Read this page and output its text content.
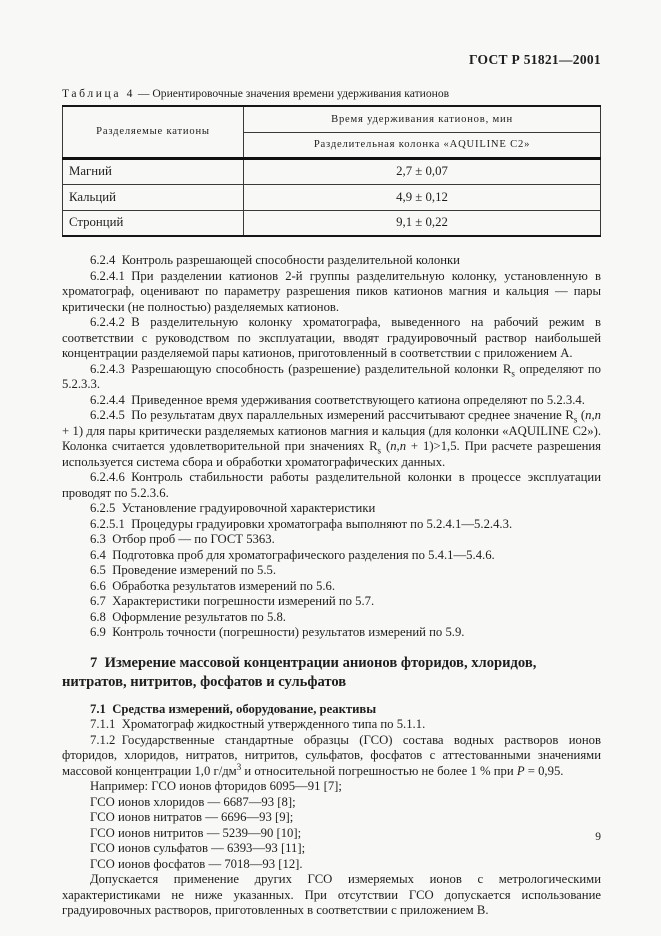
ГОСТ Р 51821—2001
Таблица 4 — Ориентировочные значения времени удерживания катионов
Разделяемые катионы	Время удерживания катионов, мин
	Разделительная колонка «AQUILINE C2»
Магний	2,7 ± 0,07
Кальций	4,9 ± 0,12
Стронций	9,1 ± 0,22

6.2.4 Контроль разрешающей способности разделительной колонки

6.2.4.1 При разделении катионов 2-й группы разделительную колонку, установленную в хроматограф, оценивают по параметру разрешения пиков катионов магния и кальция — пары критически (не полностью) разделяемых катионов.

6.2.4.2 В разделительную колонку хроматографа, выведенного на рабочий режим в соответствии с руководством по эксплуатации, вводят градуировочный раствор наибольшей концентрации разделяемой пары катионов, приготовленный в соответствии с приложением А.

6.2.4.3 Разрешающую способность (разрешение) разделительной колонки $R_s$ определяют по 5.2.3.3.

6.2.4.4 Приведенное время удерживания соответствующего катиона определяют по 5.2.3.4.

6.2.4.5 По результатам двух параллельных измерений рассчитывают среднее значение $R_s$ (n,n + 1) для пары критически разделяемых катионов магния и кальция (для колонки «AQUILINE C2»). Колонка считается удовлетворительной при значениях $R_s$ (n,n + 1)>1,5. При расчете разрешения используется система сбора и обработки хроматографических данных.

6.2.4.6 Контроль стабильности работы разделительной колонки в процессе эксплуатации проводят по 5.2.3.6.

6.2.5 Установление градуировочной характеристики

6.2.5.1 Процедуры градуировки хроматографа выполняют по 5.2.4.1—5.2.4.3.

6.3 Отбор проб — по ГОСТ 5363.

6.4 Подготовка проб для хроматографического разделения по 5.4.1—5.4.6.

6.5 Проведение измерений по 5.5.

6.6 Обработка результатов измерений по 5.6.

6.7 Характеристики погрешности измерений по 5.7.

6.8 Оформление результатов по 5.8.

6.9 Контроль точности (погрешности) результатов измерений по 5.9.

7 Измерение массовой концентрации анионов фторидов, хлоридов, нитратов, нитритов, фосфатов и сульфатов

7.1 Средства измерений, оборудование, реактивы

7.1.1 Хроматограф жидкостный утвержденного типа по 5.1.1.

7.1.2 Государственные стандартные образцы (ГСО) состава водных растворов ионов фторидов, хлоридов, нитратов, нитритов, сульфатов, фосфатов с аттестованными значениями массовой концентрации 1,0 $г/дм^3$ и относительной погрешностью не более 1 % при P = 0,95.

Например: ГСО ионов фторидов 6095—91 [7];

ГСО ионов хлоридов — 6687—93 [8];

ГСО ионов нитратов — 6696—93 [9];

ГСО ионов нитритов — 5239—90 [10];

ГСО ионов сульфатов — 6393—93 [11];

ГСО ионов фосфатов — 7018—93 [12].

Допускается применение других ГСО измеряемых ионов с метрологическими характеристиками не ниже указанных. При отсутствии ГСО допускается использование градуировочных растворов, приготовленных в соответствии с приложением В.

9
